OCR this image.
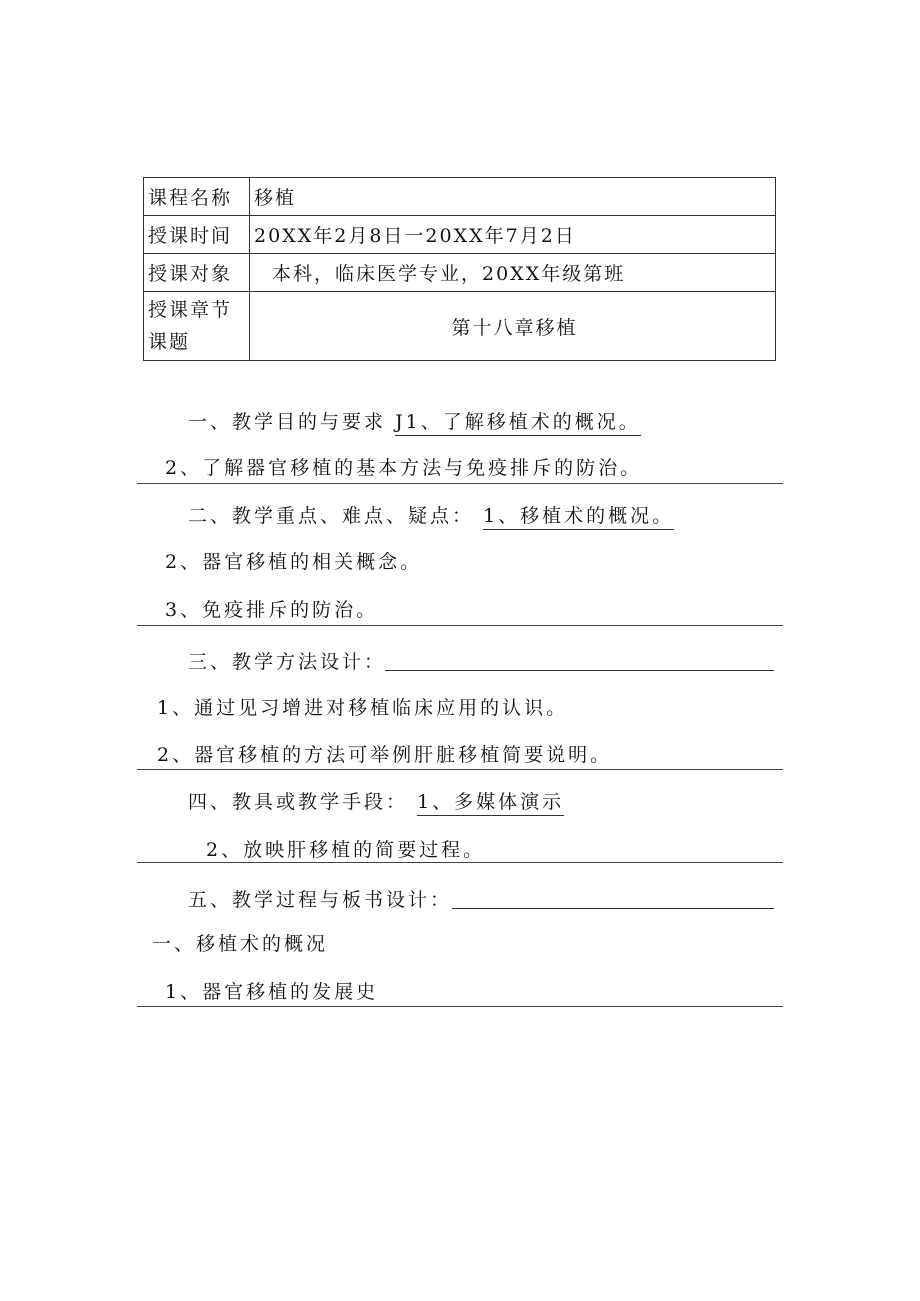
课程名称	移植
授课时间	20XX年2月8日一20XX年7月2日
授课对象	本科，临床医学专业，20XX年级第班
授课章节课题	第十八章移植
一、教学目的与要求 J1、了解移植术的概况。
2、了解器官移植的基本方法与免疫排斥的防治。
二、教学重点、难点、疑点： 1、移植术的概况。
2、器官移植的相关概念。
3、免疫排斥的防治。
三、教学方法设计：
1、通过见习增进对移植临床应用的认识。
2、器官移植的方法可举例肝脏移植简要说明。
四、教具或教学手段： 1、多媒体演示
2、放映肝移植的简要过程。
五、教学过程与板书设计：
一、移植术的概况
1、器官移植的发展史
